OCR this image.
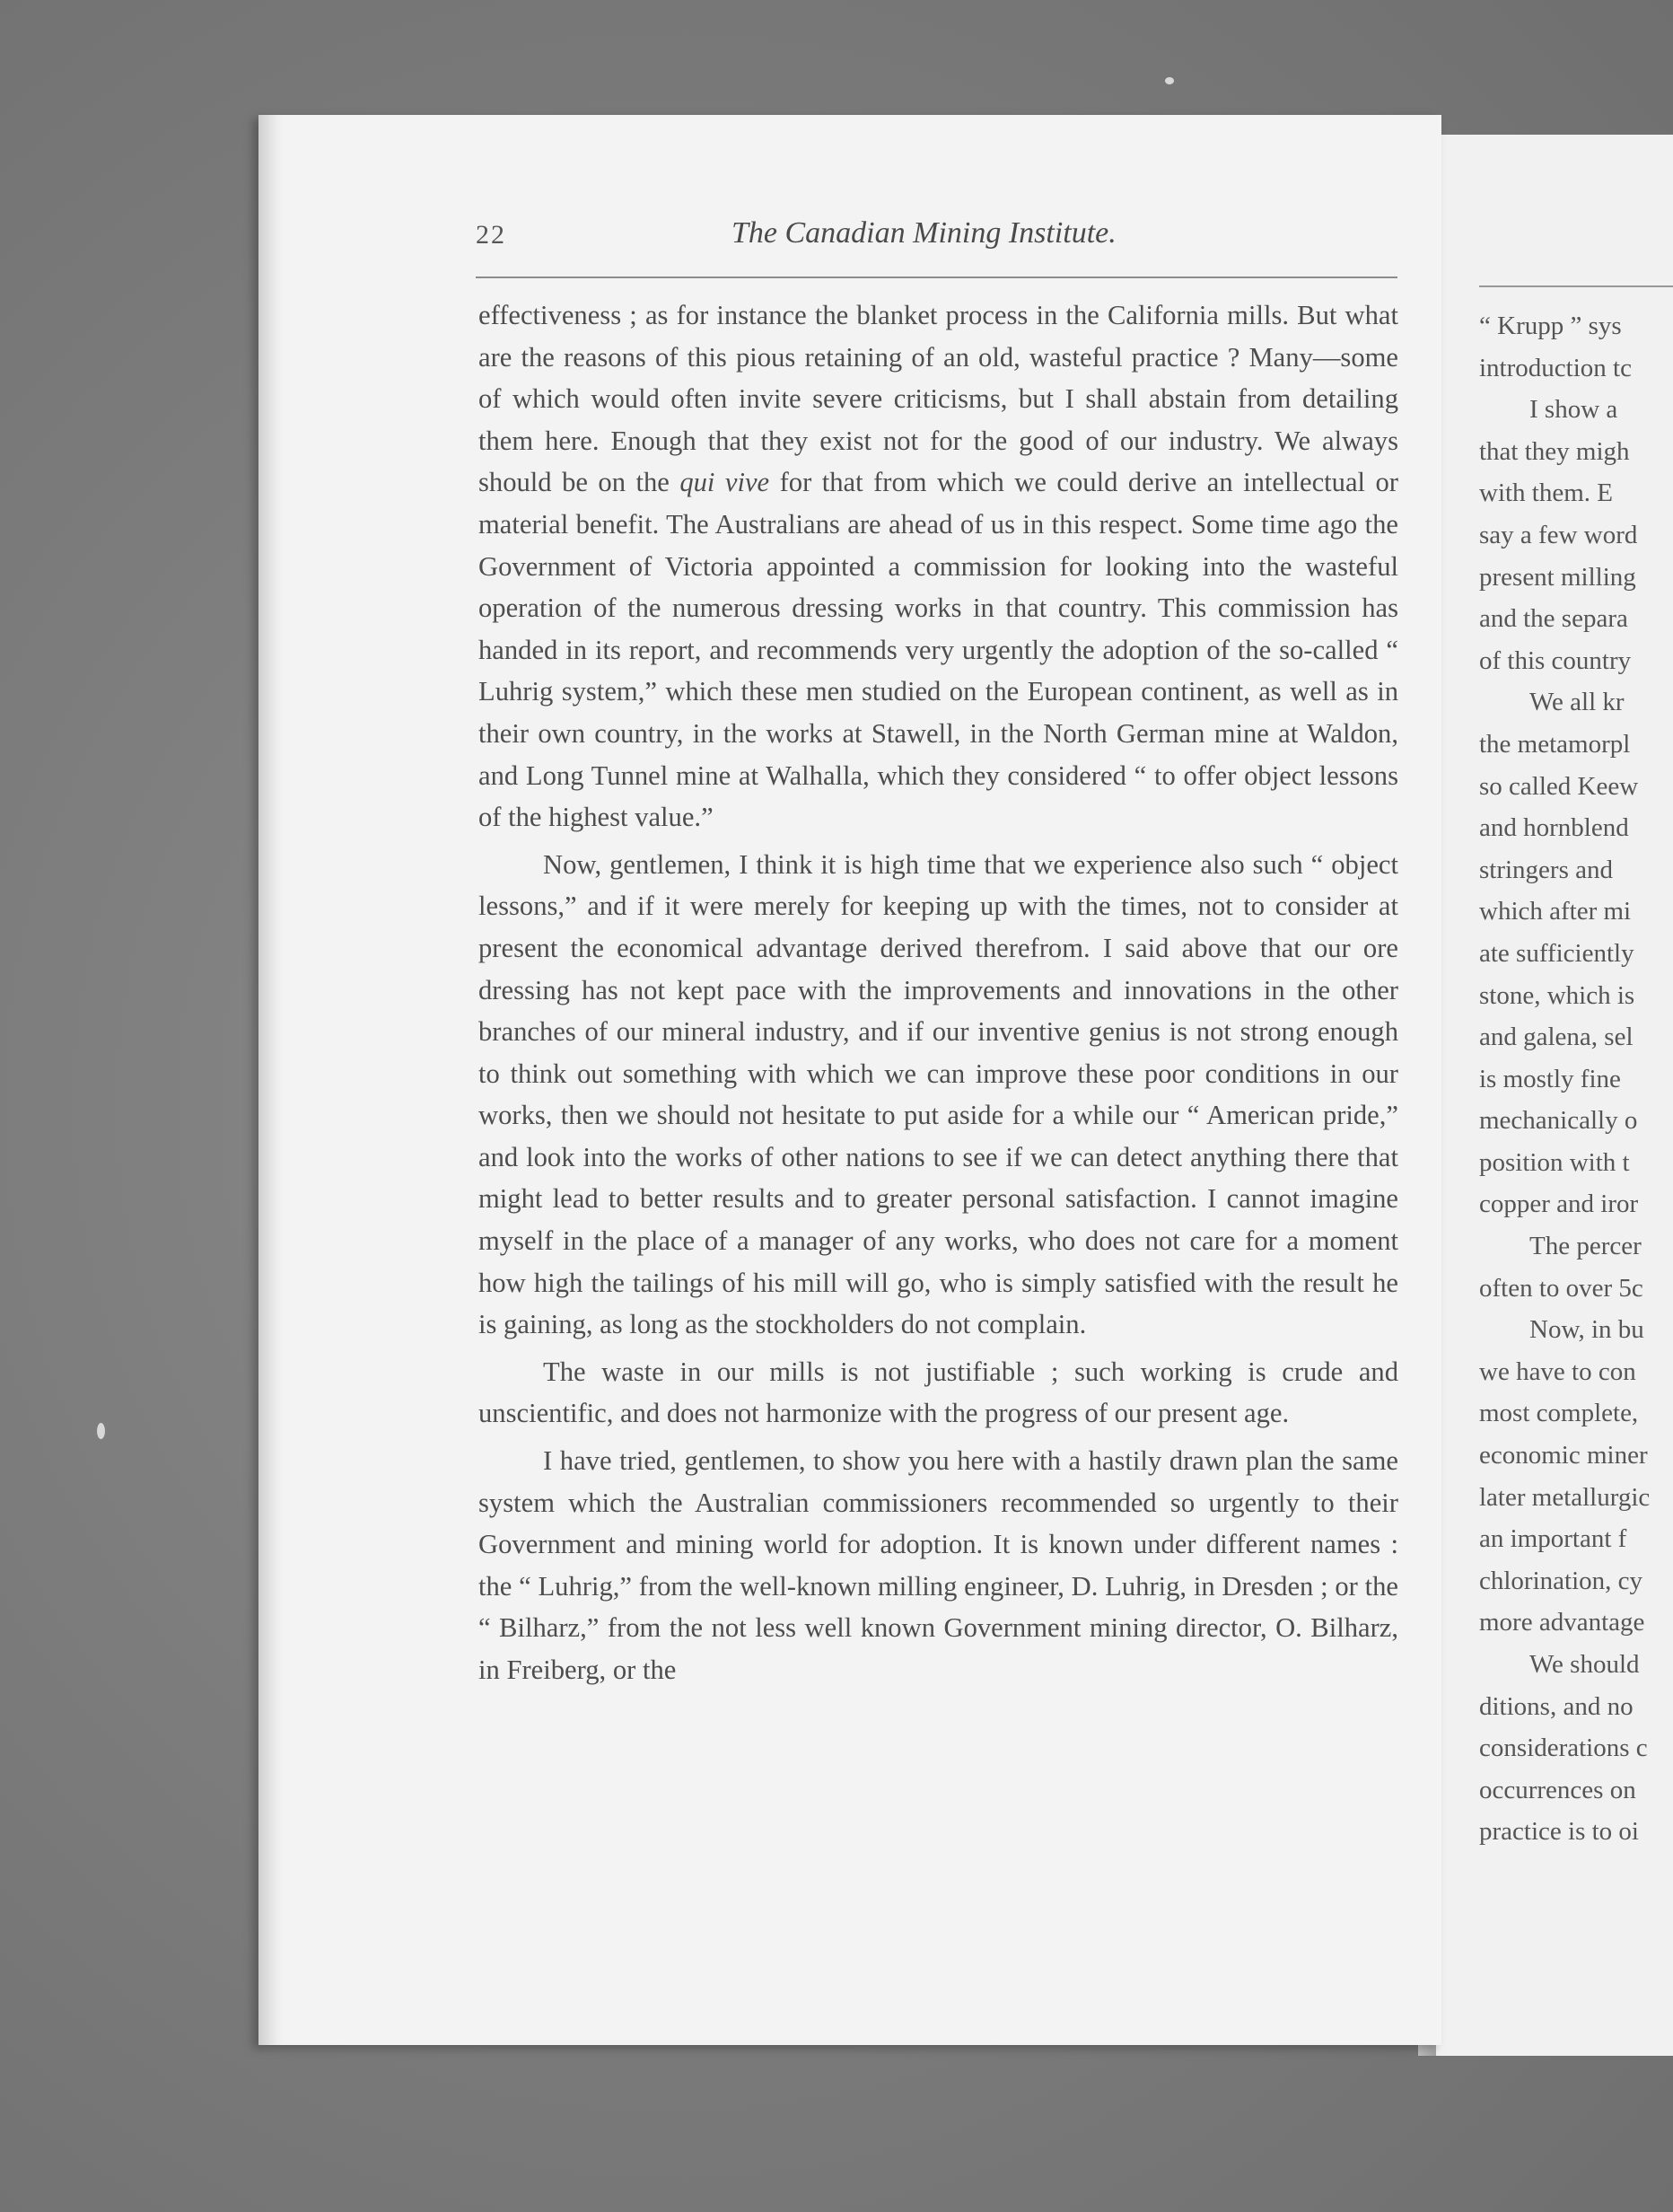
“ Krupp ” sys
introduction tc
I show a
that they migh
with them. E
say a few word
present milling
and the separa
of this country
We all kr
the metamorpl
so called Keew
and hornblend
stringers and
which after mi
ate sufficiently
stone, which is
and galena, sel
is mostly fine
mechanically o
position with t
copper and iror
The percer
often to over 5c
Now, in bu
we have to con
most complete,
economic miner
later metallurgic
an important f
chlorination, cy
more advantage
We should
ditions, and no
considerations c
occurrences on
practice is to oi
22	The Canadian Mining Institute.

effectiveness ; as for instance the blanket process in the California mills. But what are the reasons of this pious retaining of an old, wasteful practice ? Many—some of which would often invite severe criticisms, but I shall abstain from detailing them here. Enough that they exist not for the good of our industry. We always should be on the qui vive for that from which we could derive an intellectual or material benefit. The Australians are ahead of us in this respect. Some time ago the Government of Victoria appointed a commission for looking into the wasteful operation of the numerous dressing works in that country. This commission has handed in its report, and recommends very urgently the adoption of the so-called “ Luhrig system,” which these men studied on the European continent, as well as in their own country, in the works at Stawell, in the North German mine at Waldon, and Long Tunnel mine at Walhalla, which they considered “ to offer object lessons of the highest value.”

Now, gentlemen, I think it is high time that we experience also such “ object lessons,” and if it were merely for keeping up with the times, not to consider at present the economical advantage derived therefrom. I said above that our ore dressing has not kept pace with the improvements and innovations in the other branches of our mineral industry, and if our inventive genius is not strong enough to think out something with which we can improve these poor conditions in our works, then we should not hesitate to put aside for a while our “ American pride,” and look into the works of other nations to see if we can detect anything there that might lead to better results and to greater personal satisfaction. I cannot imagine myself in the place of a manager of any works, who does not care for a moment how high the tailings of his mill will go, who is simply satisfied with the result he is gaining, as long as the stockholders do not complain.

The waste in our mills is not justifiable ; such working is crude and unscientific, and does not harmonize with the progress of our present age.

I have tried, gentlemen, to show you here with a hastily drawn plan the same system which the Australian commissioners recommended so urgently to their Government and mining world for adoption. It is known under different names : the “ Luhrig,” from the well-known milling engineer, D. Luhrig, in Dresden ; or the “ Bilharz,” from the not less well known Government mining director, O. Bilharz, in Freiberg, or the
